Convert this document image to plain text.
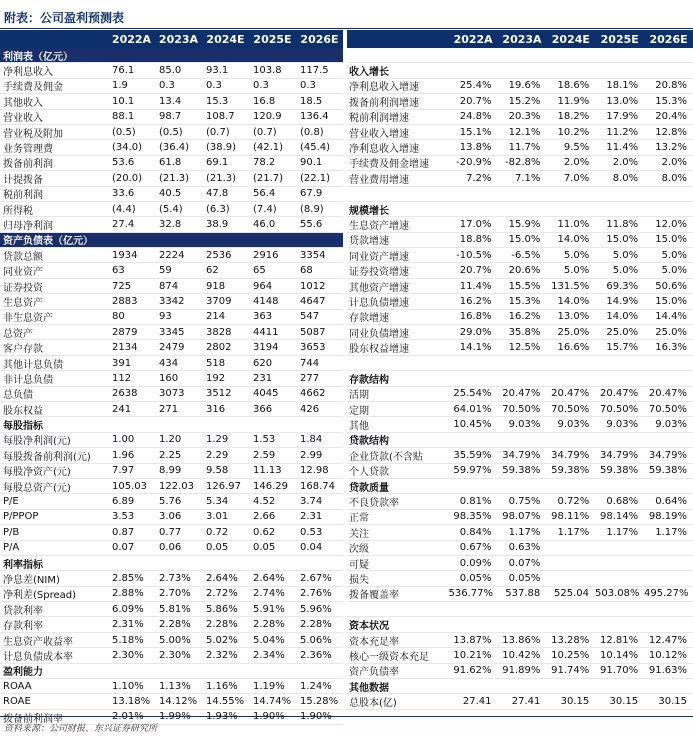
附表：公司盈利预测表
2022A 2023A 2024E 2025E 2026E
利润表（亿元）
净利息收入	76.1	85.0	93.1	103.8	117.5
手续费及佣金	1.9	0.3	0.3	0.3	0.3
其他收入	10.1	13.4	15.3	16.8	18.5
营业收入	88.1	98.7	108.7	120.9	136.4
营业税及附加	(0.5)	(0.5)	(0.7)	(0.7)	(0.8)
业务管理费	(34.0)	(36.4)	(38.9)	(42.1)	(45.4)
拨备前利润	53.6	61.8	69.1	78.2	90.1
计提拨备	(20.0)	(21.3)	(21.3)	(21.7)	(22.1)
税前利润	33.6	40.5	47.8	56.4	67.9
所得税	(4.4)	(5.4)	(6.3)	(7.4)	(8.9)
归母净利润	27.4	32.8	38.9	46.0	55.6
资产负债表（亿元）
贷款总额	1934	2224	2536	2916	3354
同业资产	63	59	62	65	68
证券投资	725	874	918	964	1012
生息资产	2883	3342	3709	4148	4647
非生息资产	80	93	214	363	547
总资产	2879	3345	3828	4411	5087
客户存款	2134	2479	2802	3194	3653
其他计息负债	391	434	518	620	744
非计息负债	112	160	192	231	277
总负债	2638	3073	3512	4045	4662
股东权益	241	271	316	366	426
每股指标
每股净利润(元)	1.00	1.20	1.29	1.53	1.84
每股拨备前利润(元)	1.96	2.25	2.29	2.59	2.99
每股净资产(元)	7.97	8.99	9.58	11.13	12.98
每股总资产(元)	105.03	122.03	126.97	146.29	168.74
P/E	6.89	5.76	5.34	4.52	3.74
P/PPOP	3.53	3.06	3.01	2.66	2.31
P/B	0.87	0.77	0.72	0.62	0.53
P/A	0.07	0.06	0.05	0.05	0.04
利率指标
净息差(NIM)	2.85%	2.73%	2.64%	2.64%	2.67%
净利差(Spread)	2.88%	2.70%	2.72%	2.74%	2.76%
贷款利率	6.09%	5.81%	5.86%	5.91%	5.96%
存款利率	2.31%	2.28%	2.28%	2.28%	2.28%
生息资产收益率	5.18%	5.00%	5.02%	5.04%	5.06%
计息负债成本率	2.30%	2.30%	2.32%	2.34%	2.36%
盈利能力
ROAA	1.10%	1.13%	1.16%	1.19%	1.24%
ROAE	13.18% 14.12% 14.55% 14.74% 15.28%
拨备前利润率	2.01%	1.99%	1.93%	1.90%	1.90%
2022A 2023A 2024E 2025E 2026E
收入增长
净利息收入增速	25.4%	19.6%	18.6%	18.1%	20.8%
拨备前利润增速	20.7%	15.2%	11.9%	13.0%	15.3%
税前利润增速	24.8%	20.3%	18.2%	17.9%	20.4%
营业收入增速	15.1%	12.1%	10.2%	11.2%	12.8%
净利息收入增速	13.8%	11.7%	9.5%	11.4%	13.2%
手续费及佣金增速	-20.9%	-82.8%	2.0%	2.0%	2.0%
营业费用增速	7.2%	7.1%	7.0%	8.0%	8.0%
规模增长
生息资产增速	17.0%	15.9%	11.0%	11.8%	12.0%
贷款增速	18.8%	15.0%	14.0%	15.0%	15.0%
同业资产增速	-10.5%	-6.5%	5.0%	5.0%	5.0%
证券投资增速	20.7%	20.6%	5.0%	5.0%	5.0%
其他资产增速	11.4%	15.5%	131.5%	69.3%	50.6%
计息负债增速	16.2%	15.3%	14.0%	14.9%	15.0%
存款增速	16.8%	16.2%	13.0%	14.0%	14.4%
同业负债增速	29.0%	35.8%	25.0%	25.0%	25.0%
股东权益增速	14.1%	12.5%	16.6%	15.7%	16.3%
存款结构
活期	25.54%	20.47%	20.47%	20.47%	20.47%
定期	64.01%	70.50%	70.50%	70.50%	70.50%
其他	10.45%	9.03%	9.03%	9.03%	9.03%
贷款结构
企业贷款(不含贴	35.59%	34.79%	34.79%	34.79%	34.79%
个人贷款	59.97%	59.38%	59.38%	59.38%	59.38%
贷款质量
不良贷款率	0.81%	0.75%	0.72%	0.68%	0.64%
正常	98.35%	98.07%	98.11%	98.14%	98.19%
关注	0.84%	1.17%	1.17%	1.17%	1.17%
次级	0.67%	0.63%
可疑	0.09%	0.07%
损失	0.05%	0.05%
拨备覆盖率	536.77%	537.88	525.04 503.08% 495.27%
资本状况
资本充足率	13.87%	13.86%	13.28%	12.81%	12.47%
核心一级资本充足	10.21%	10.42%	10.25%	10.14%	10.12%
资产负债率	91.62%	91.89%	91.74%	91.70%	91.63%
其他数据
总股本(亿)	27.41	27.41	30.15	30.15	30.15
资料来源：公司财报、东兴证券研究所
